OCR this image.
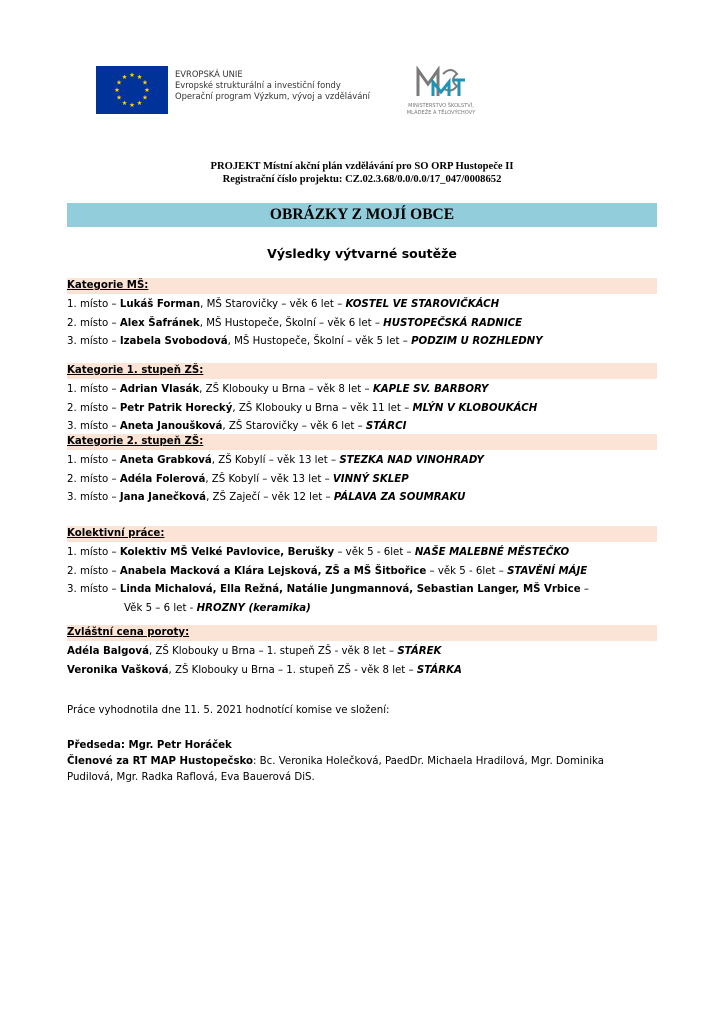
EVROPSKÁ UNIE
Evropské strukturální a investiční fondy
Operační program Výzkum, vývoj a vzdělávání
MINISTERSTVO ŠKOLSTVÍ,
MLÁDEŽE A TĚLOVÝCHOVY
PROJEKT Místní akční plán vzdělávání pro SO ORP Hustopeče II
Registrační číslo projektu: CZ.02.3.68/0.0/0.0/17_047/0008652
OBRÁZKY Z MOJÍ OBCE
Výsledky výtvarné soutěže
Kategorie MŠ:
1. místo – Lukáš Forman, MŠ Starovičky – věk 6 let – KOSTEL VE STAROVIČKÁCH
2. místo – Alex Šafránek, MŠ Hustopeče, Školní – věk 6 let – HUSTOPEČSKÁ RADNICE
3. místo – Izabela Svobodová, MŠ Hustopeče, Školní – věk 5 let – PODZIM U ROZHLEDNY
Kategorie 1. stupeň ZŠ:
1. místo – Adrian Vlasák, ZŠ Klobouky u Brna – věk 8 let – KAPLE SV. BARBORY
2. místo – Petr Patrik Horecký, ZŠ Klobouky u Brna – věk 11 let – MLÝN V KLOBOUKÁCH
3. místo – Aneta Janoušková, ZŠ Starovičky – věk 6 let – STÁRCI
Kategorie 2. stupeň ZŠ:
1. místo – Aneta Grabková, ZŠ Kobylí – věk 13 let – STEZKA NAD VINOHRADY
2. místo – Adéla Folerová, ZŠ Kobylí – věk 13 let – VINNÝ SKLEP
3. místo – Jana Janečková, ZŠ Zaječí – věk 12 let – PÁLAVA ZA SOUMRAKU
Kolektivní práce:
1. místo – Kolektiv MŠ Velké Pavlovice, Berušky – věk 5 - 6let – NAŠE MALEBNÉ MĚSTEČKO
2. místo – Anabela Macková a Klára Lejsková, ZŠ a MŠ Šitbořice – věk 5 - 6let – STAVĚNÍ MÁJE
3. místo – Linda Michalová, Ella Režná, Natálie Jungmannová, Sebastian Langer, MŠ Vrbice –
Věk 5 – 6 let - HROZNY (keramika)
Zvláštní cena poroty:
Adéla Balgová, ZŠ Klobouky u Brna – 1. stupeň ZŠ - věk 8 let – STÁREK
Veronika Vašková, ZŠ Klobouky u Brna – 1. stupeň ZŠ - věk 8 let – STÁRKA
Práce vyhodnotila dne 11. 5. 2021 hodnotící komise ve složení:
Předseda: Mgr. Petr Horáček
Členové za RT MAP Hustopečsko: Bc. Veronika Holečková, PaedDr. Michaela Hradilová, Mgr. Dominika Pudilová, Mgr. Radka Raflová, Eva Bauerová DiS.
